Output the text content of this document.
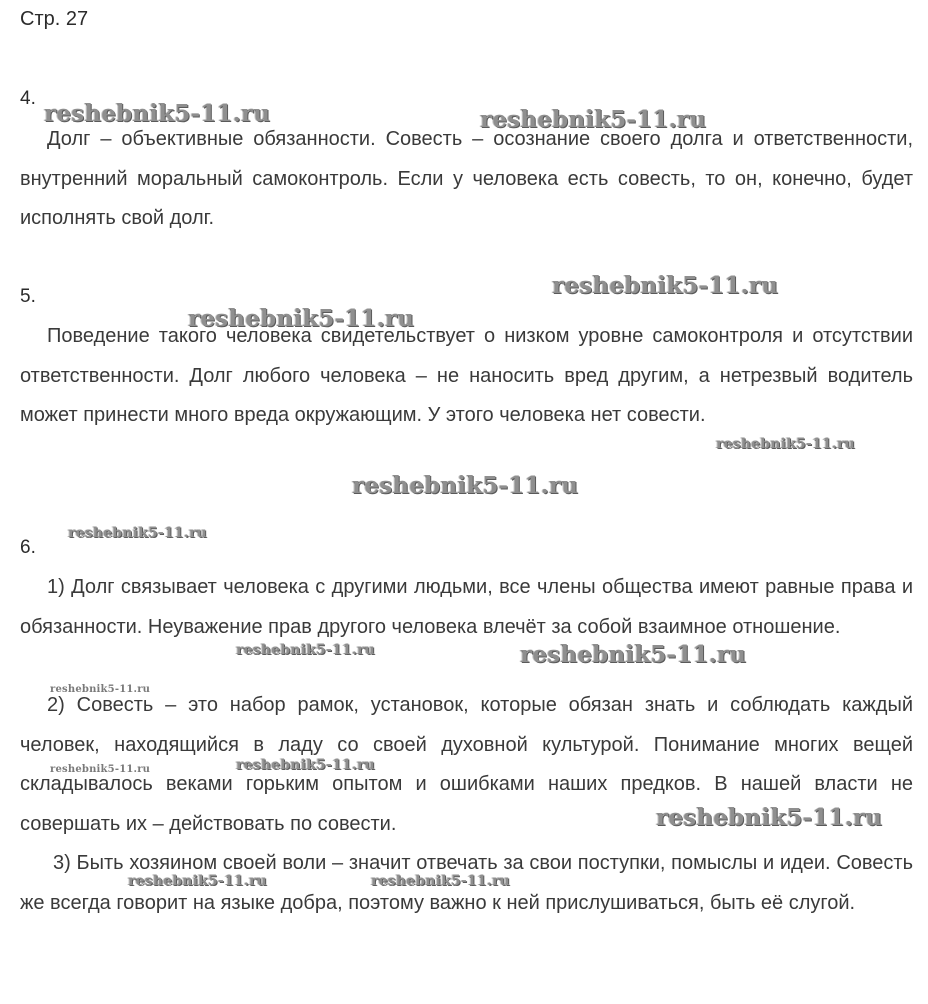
Стр. 27
4.

Долг – объективные обязанности. Совесть – осознание своего долга и ответственности, внутренний моральный самоконтроль. Если у человека есть совесть, то он, конечно, будет исполнять свой долг.

5.

Поведение такого человека свидетельствует о низком уровне самоконтроля и отсутствии ответственности. Долг любого человека – не наносить вред другим, а нетрезвый водитель может принести много вреда окружающим. У этого человека нет совести.

6.

1) Долг связывает человека с другими людьми, все члены общества имеют равные права и обязанности. Неуважение прав другого человека влечёт за собой взаимное отношение.

2) Совесть – это набор рамок, установок, которые обязан знать и соблюдать каждый человек, находящийся в ладу со своей духовной культурой. Понимание многих вещей складывалось веками горьким опытом и ошибками наших предков. В нашей власти не совершать их – действовать по совести.

3) Быть хозяином своей воли – значит отвечать за свои поступки, помыслы и идеи. Совесть же всегда говорит на языке добра, поэтому важно к ней прислушиваться, быть её слугой.

reshebnik5-11.ru	reshebnik5-11.ru
reshebnik5-11.ru
reshebnik5-11.ru
reshebnik5-11.ru
reshebnik5-11.ru
reshebnik5-11.ru
reshebnik5-11.ru	reshebnik5-11.ru
reshebnik5-11.ru
reshebnik5-11.ru	reshebnik5-11.ru
reshebnik5-11.ru
reshebnik5-11.ru	reshebnik5-11.ru
